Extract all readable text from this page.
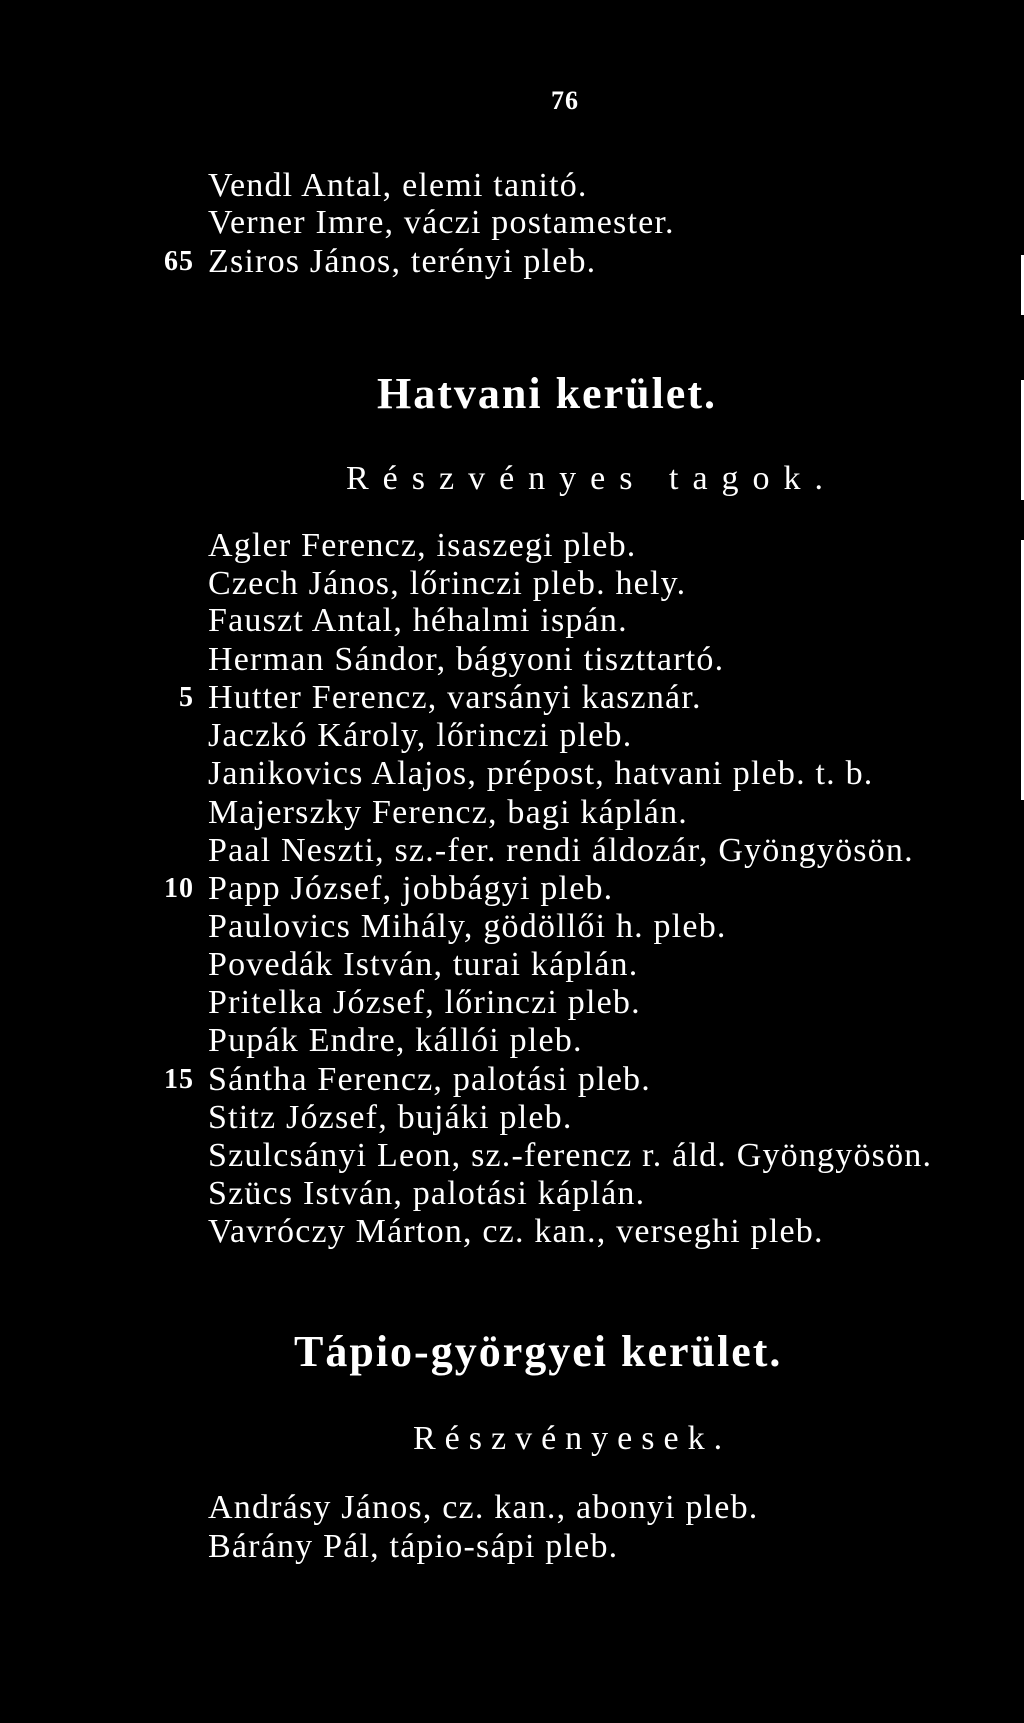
76
Vendl Antal, elemi tanitó.
Verner Imre, váczi postamester.
65 Zsiros János, terényi pleb.
Hatvani kerület.
Részvényes tagok.
Agler Ferencz, isaszegi pleb.
Czech János, lőrinczi pleb. hely.
Fauszt Antal, héhalmi ispán.
Herman Sándor, bágyoni tiszttartó.
5 Hutter Ferencz, varsányi kasznár.
Jaczkó Károly, lőrinczi pleb.
Janikovics Alajos, prépost, hatvani pleb. t. b.
Majerszky Ferencz, bagi káplán.
Paal Neszti, sz.-fer. rendi áldozár, Gyöngyösön.
10 Papp József, jobbágyi pleb.
Paulovics Mihály, gödöllői h. pleb.
Povedák István, turai káplán.
Pritelka József, lőrinczi pleb.
Pupák Endre, kállói pleb.
15 Sántha Ferencz, palotási pleb.
Stitz József, bujáki pleb.
Szulcsányi Leon, sz.-ferencz r. áld. Gyöngyösön.
Szücs István, palotási káplán.
Vavróczy Márton, cz. kan., verseghi pleb.
Tápio-györgyei kerület.
Részvényesek.
Andrásy János, cz. kan., abonyi pleb.
Bárány Pál, tápio-sápi pleb.
